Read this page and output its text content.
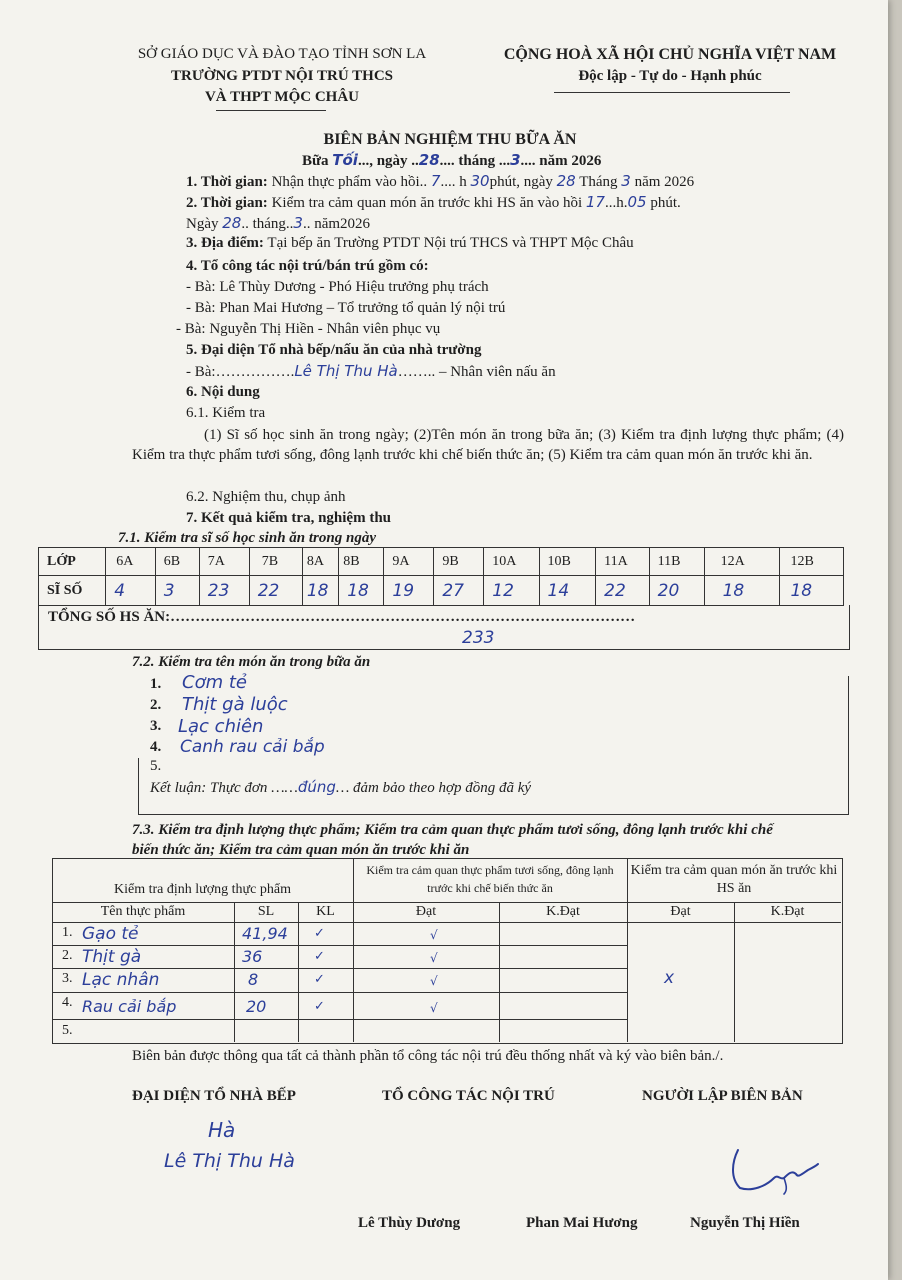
SỞ GIÁO DỤC VÀ ĐÀO TẠO TỈNH SƠN LA
TRƯỜNG PTDT NỘI TRÚ THCS
VÀ THPT MỘC CHÂU
CỘNG HOÀ XÃ HỘI CHỦ NGHĨA VIỆT NAM
Độc lập - Tự do - Hạnh phúc
BIÊN BẢN NGHIỆM THU BỮA ĂN
Bữa Tối..., ngày ..28.... tháng ...3.... năm 2026
1. Thời gian: Nhận thực phẩm vào hồi.. 7.... h 30phút, ngày 28 Tháng 3 năm 2026
2. Thời gian: Kiểm tra cảm quan món ăn trước khi HS ăn vào hồi 17...h.05 phút.
Ngày 28.. tháng..3.. năm2026
3. Địa điểm: Tại bếp ăn Trường PTDT Nội trú THCS và THPT Mộc Châu
4. Tổ công tác nội trú/bán trú gồm có:
- Bà: Lê Thùy Dương - Phó Hiệu trưởng phụ trách
- Bà: Phan Mai Hương – Tổ trưởng tổ quản lý nội trú
- Bà: Nguyễn Thị Hiền - Nhân viên phục vụ
5. Đại diện Tổ nhà bếp/nấu ăn của nhà trường
- Bà:…………….Lê Thị Thu Hà…….. – Nhân viên nấu ăn
6. Nội dung
6.1. Kiểm tra
(1) Sĩ số học sinh ăn trong ngày; (2)Tên món ăn trong bữa ăn; (3) Kiểm tra định lượng thực phẩm; (4) Kiểm tra thực phẩm tươi sống, đông lạnh trước khi chế biến thức ăn; (5) Kiểm tra cảm quan món ăn trước khi ăn.
6.2. Nghiệm thu, chụp ảnh
7. Kết quả kiểm tra, nghiệm thu
7.1. Kiểm tra sĩ số học sinh ăn trong ngày
LỚP	6A	6B	7A	7B	8A	8B	9A	9B	10A	10B	11A	11B	12A	12B
SĨ SỐ	4	3	23	22	18	18	19	27	12	14	22	20	18	18
TỔNG SỐ HS ĂN:…………………………………………………………………………………
233
7.2. Kiểm tra tên món ăn trong bữa ăn
1. Cơm tẻ
2. Thịt gà luộc
3. Lạc chiên
4. Canh rau cải bắp
5.
Kết luận: Thực đơn ……đúng… đảm bảo theo hợp đồng đã ký
7.3. Kiểm tra định lượng thực phẩm; Kiểm tra cảm quan thực phẩm tươi sống, đông lạnh trước khi chế
biến thức ăn; Kiểm tra cảm quan món ăn trước khi ăn
Kiểm tra định lượng thực phẩm
Kiểm tra cảm quan thực phẩm tươi sống, đông lạnh trước khi chế biến thức ăn
Kiểm tra cảm quan món ăn trước khi HS ăn
Tên thực phẩm	SL	KL	Đạt	K.Đạt	Đạt	K.Đạt
1. Gạo tẻ	41,94 ✓	√
2. Thịt gà	36	✓	√
3. Lạc nhân	8	✓	√
4. Rau cải bắp	20	✓	√
5.
x
Biên bản được thông qua tất cả thành phần tổ công tác nội trú đều thống nhất và ký vào biên bản./.
ĐẠI DIỆN TỔ NHÀ BẾP	TỔ CÔNG TÁC NỘI TRÚ	NGƯỜI LẬP BIÊN BẢN
Hà
Lê Thị Thu Hà
Lê Thùy Dương	Phan Mai Hương	Nguyễn Thị Hiền
